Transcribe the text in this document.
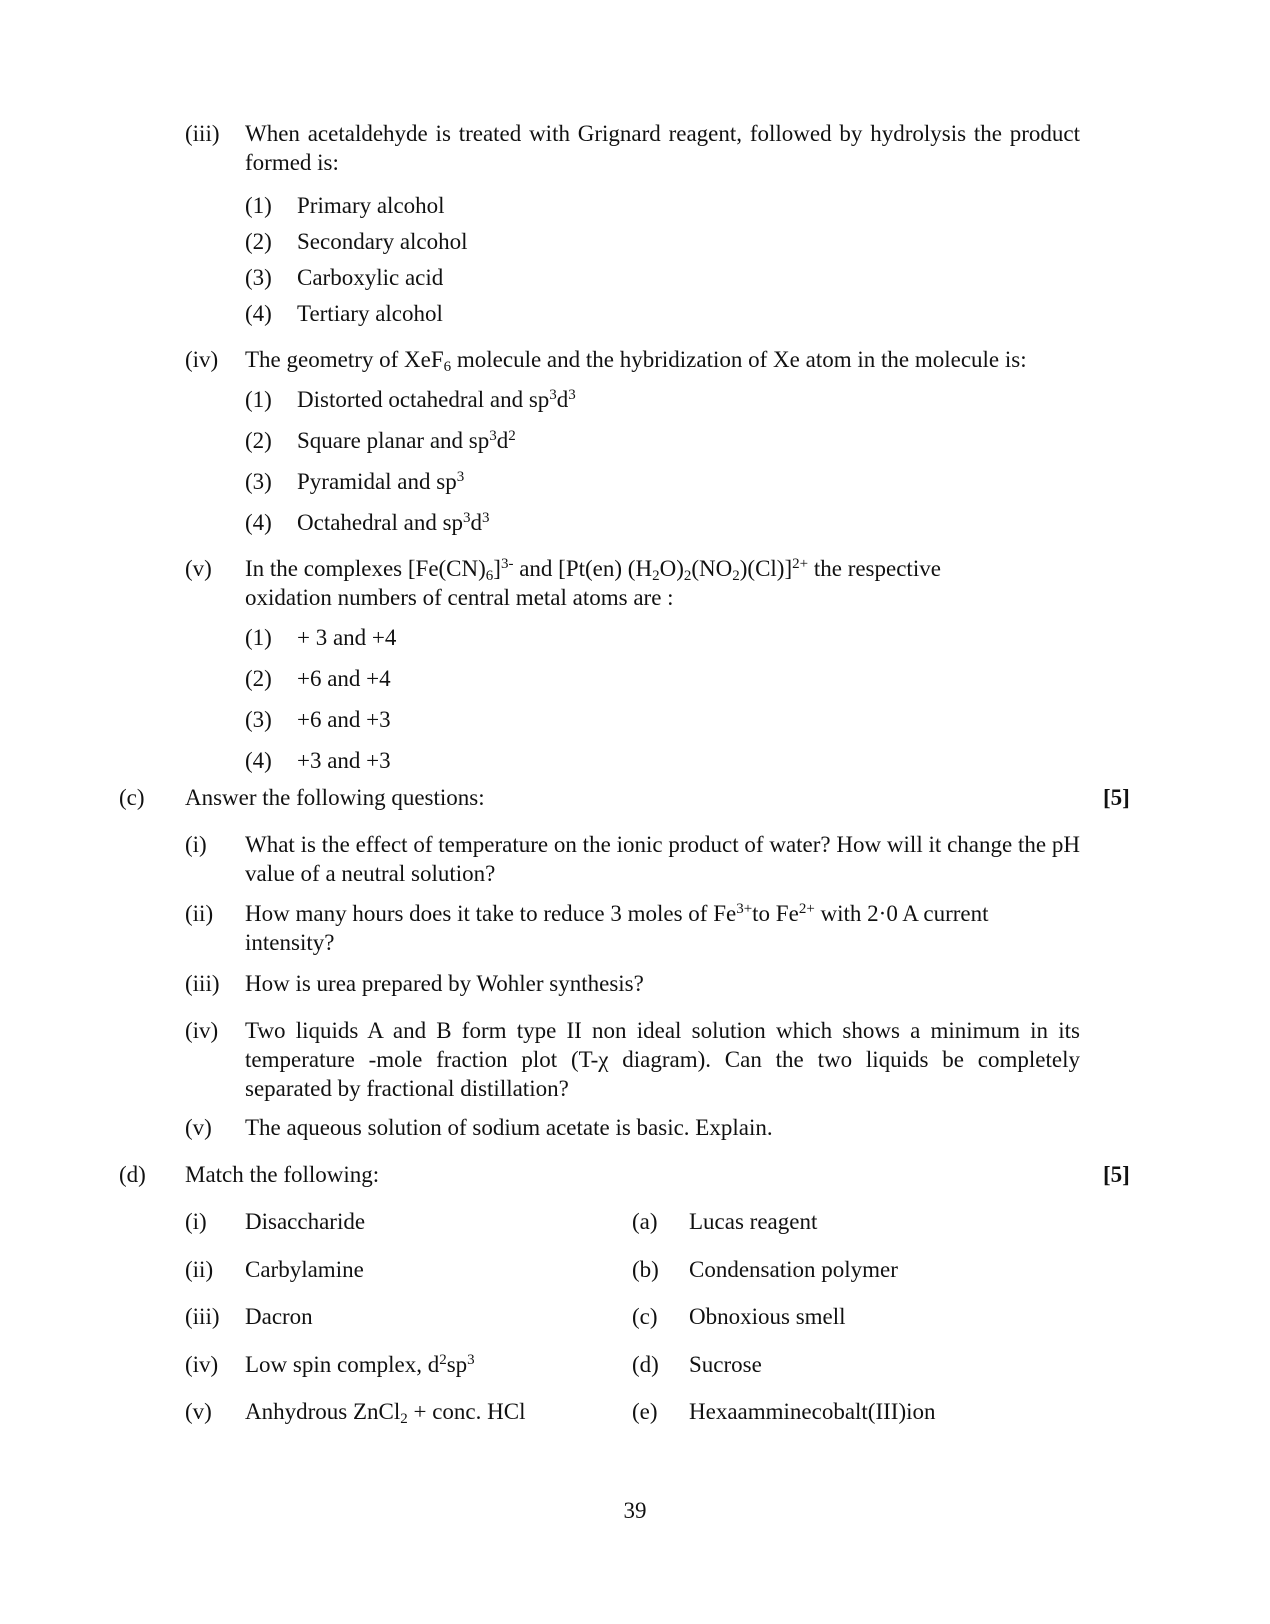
(iii) When acetaldehyde is treated with Grignard reagent, followed by hydrolysis the product formed is:
(1) Primary alcohol
(2) Secondary alcohol
(3) Carboxylic acid
(4) Tertiary alcohol
(iv) The geometry of XeF$_6$ molecule and the hybridization of Xe atom in the molecule is:
(1) Distorted octahedral and $sp^3d^3$
(2) Square planar and $sp^3d^2$
(3) Pyramidal and $sp^3$
(4) Octahedral and $sp^3d^3$
(v) In the complexes $[Fe(CN)_6]^{3-}$ and [Pt(en) $(H_2O)_2(NO_2)(Cl)]^{2+}$ the respective
oxidation numbers of central metal atoms are :
(1) + 3 and +4
(2) +6 and +4
(3) +6 and +3
(4) +3 and +3
(c) Answer the following questions:	[5]
(i) What is the effect of temperature on the ionic product of water? How will it change the pH value of a neutral solution?
(ii) How many hours does it take to reduce 3 moles of $Fe^{3+}to$ $Fe^{2+}$ with 2·0 A current
intensity?
(iii) How is urea prepared by Wohler synthesis?
(iv) Two liquids A and B form type II non ideal solution which shows a minimum in its temperature -mole fraction plot (T-χ diagram). Can the two liquids be completely separated by fractional distillation?
(v) The aqueous solution of sodium acetate is basic. Explain.
(d) Match the following:	[5]
(i) Disaccharide
(ii) Carbylamine
(iii) Dacron
(iv) Low spin complex, $d^2sp^3$
(v) Anhydrous ZnCl$_2$ + conc. HCl
(a) Lucas reagent
(b) Condensation polymer
(c) Obnoxious smell
(d) Sucrose
(e) Hexaamminecobalt(III)ion
39
